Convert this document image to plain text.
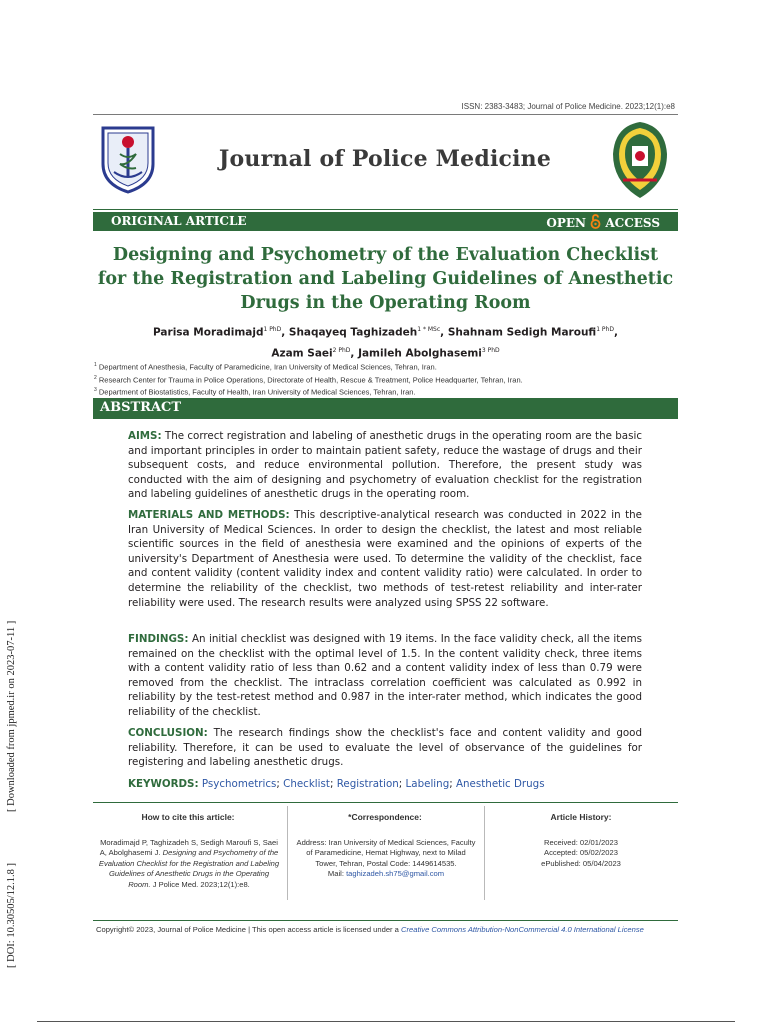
[ DOI: 10.30505/12.1.8 ]
[ Downloaded from jpmed.ir on 2023-07-11 ]
ISSN: 2383-3483; Journal of Police Medicine. 2023;12(1):e8
Journal of Police Medicine
ORIGINAL ARTICLE	OPEN ACCESS
Designing and Psychometry of the Evaluation Checklist
for the Registration and Labeling Guidelines of Anesthetic
Drugs in the Operating Room
Parisa Moradimajd$^{1 PhD}$, Shaqayeq Taghizadeh$^{1 * MSc}$, Shahnam Sedigh Maroufi$^{1 PhD}$,
Azam Saei$^{2 PhD}$, Jamileh Abolghasemi$^{3 PhD}$
$^1$ Department of Anesthesia, Faculty of Paramedicine, Iran University of Medical Sciences, Tehran, Iran.
$^2$ Research Center for Trauma in Police Operations, Directorate of Health, Rescue & Treatment, Police Headquarter, Tehran, Iran.
$^3$ Department of Biostatistics, Faculty of Health, Iran University of Medical Sciences, Tehran, Iran.
ABSTRACT
AIMS: The correct registration and labeling of anesthetic drugs in the operating room are the basic and important principles in order to maintain patient safety, reduce the wastage of drugs and their subsequent costs, and reduce environmental pollution. Therefore, the present study was conducted with the aim of designing and psychometry of evaluation checklist for the registration and labeling guidelines of anesthetic drugs in the operating room.
MATERIALS AND METHODS: This descriptive-analytical research was conducted in 2022 in the Iran University of Medical Sciences. In order to design the checklist, the latest and most reliable scientific sources in the field of anesthesia were examined and the opinions of experts of the university's Department of Anesthesia were used. To determine the validity of the checklist, face and content validity (content validity index and content validity ratio) were calculated. In order to determine the reliability of the checklist, two methods of test-retest reliability and inter-rater reliability were used. The research results were analyzed using SPSS 22 software.
FINDINGS: An initial checklist was designed with 19 items. In the face validity check, all the items remained on the checklist with the optimal level of 1.5. In the content validity check, three items with a content validity ratio of less than 0.62 and a content validity index of less than 0.79 were removed from the checklist. The intraclass correlation coefficient was calculated as 0.992 in reliability by the test-retest method and 0.987 in the inter-rater method, which indicates the good reliability of the checklist.
CONCLUSION: The research findings show the checklist's face and content validity and good reliability. Therefore, it can be used to evaluate the level of observance of the guidelines for registering and labeling anesthetic drugs.
KEYWORDS: Psychometrics; Checklist; Registration; Labeling; Anesthetic Drugs
How to cite this article:
Moradimajd P, Taghizadeh S, Sedigh Maroufi S, Saei A, Abolghasemi J. Designing and Psychometry of the Evaluation Checklist for the Registration and Labeling Guidelines of Anesthetic Drugs in the Operating Room. J Police Med. 2023;12(1):e8.
*Correspondence:
Address: Iran University of Medical Sciences, Faculty of Paramedicine, Hemat Highway, next to Milad Tower, Tehran, Postal Code: 1449614535.
Mail: taghizadeh.sh75@gmail.com
Article History:
Received: 02/01/2023
Accepted: 05/02/2023
ePublished: 05/04/2023
Copyright© 2023, Journal of Police Medicine | This open access article is licensed under a Creative Commons Attribution-NonCommercial 4.0 International License
